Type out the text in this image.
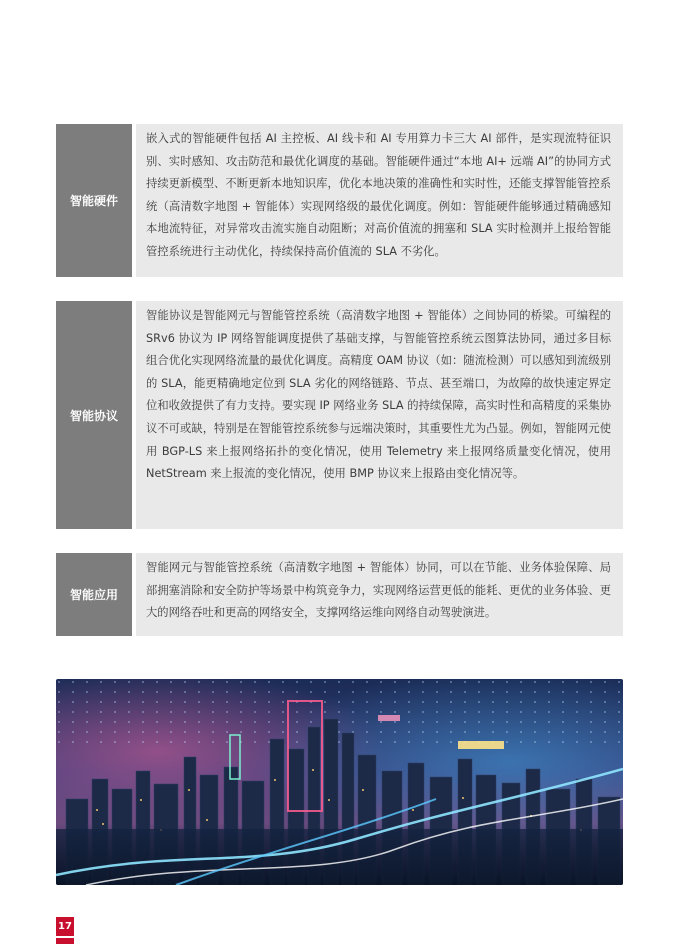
智能硬件
嵌入式的智能硬件包括 AI 主控板、AI 线卡和 AI 专用算力卡三大 AI 部件，是实现流特征识别、实时感知、攻击防范和最优化调度的基础。智能硬件通过“本地 AI+ 远端 AI”的协同方式持续更新模型、不断更新本地知识库，优化本地决策的准确性和实时性，还能支撑智能管控系统（高清数字地图 + 智能体）实现网络级的最优化调度。例如：智能硬件能够通过精确感知本地流特征，对异常攻击流实施自动阻断；对高价值流的拥塞和 SLA 实时检测并上报给智能管控系统进行主动优化，持续保持高价值流的 SLA 不劣化。
智能协议
智能协议是智能网元与智能管控系统（高清数字地图 + 智能体）之间协同的桥梁。可编程的 SRv6 协议为 IP 网络智能调度提供了基础支撑，与智能管控系统云图算法协同，通过多目标组合优化实现网络流量的最优化调度。高精度 OAM 协议（如：随流检测）可以感知到流级别的 SLA，能更精确地定位到 SLA 劣化的网络链路、节点、甚至端口，为故障的故快速定界定位和收敛提供了有力支持。要实现 IP 网络业务 SLA 的持续保障，高实时性和高精度的采集协议不可或缺，特别是在智能管控系统参与远端决策时，其重要性尤为凸显。例如，智能网元使用 BGP-LS 来上报网络拓扑的变化情况，使用 Telemetry 来上报网络质量变化情况，使用 NetStream 来上报流的变化情况，使用 BMP 协议来上报路由变化情况等。
智能应用
智能网元与智能管控系统（高清数字地图 + 智能体）协同，可以在节能、业务体验保障、局部拥塞消除和安全防护等场景中构筑竞争力，实现网络运营更低的能耗、更优的业务体验、更大的网络吞吐和更高的网络安全，支撑网络运维向网络自动驾驶演进。
17
